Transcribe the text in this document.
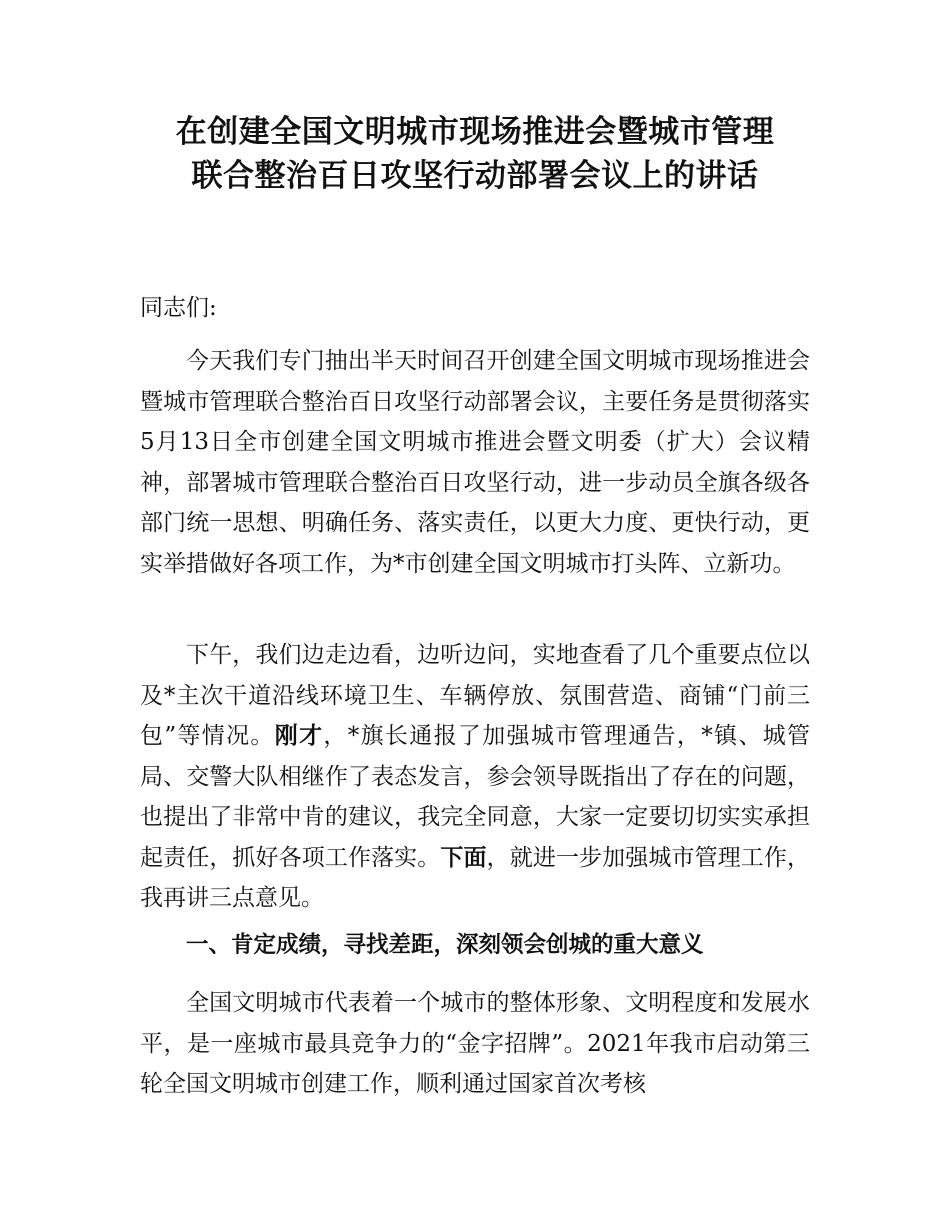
在创建全国文明城市现场推进会暨城市管理
联合整治百日攻坚行动部署会议上的讲话
同志们:
今天我们专门抽出半天时间召开创建全国文明城市现场推进会暨城市管理联合整治百日攻坚行动部署会议，主要任务是贯彻落实5月13日全市创建全国文明城市推进会暨文明委（扩大）会议精神，部署城市管理联合整治百日攻坚行动，进一步动员全旗各级各部门统一思想、明确任务、落实责任，以更大力度、更快行动，更实举措做好各项工作，为*市创建全国文明城市打头阵、立新功。
下午，我们边走边看，边听边问，实地查看了几个重要点位以及*主次干道沿线环境卫生、车辆停放、氛围营造、商铺“门前三包”等情况。刚才，*旗长通报了加强城市管理通告，*镇、城管局、交警大队相继作了表态发言，参会领导既指出了存在的问题，也提出了非常中肯的建议，我完全同意，大家一定要切切实实承担起责任，抓好各项工作落实。下面，就进一步加强城市管理工作，我再讲三点意见。
一、肯定成绩，寻找差距，深刻领会创城的重大意义
全国文明城市代表着一个城市的整体形象、文明程度和发展水平，是一座城市最具竞争力的“金字招牌”。2021年我市启动第三轮全国文明城市创建工作，顺利通过国家首次考核
